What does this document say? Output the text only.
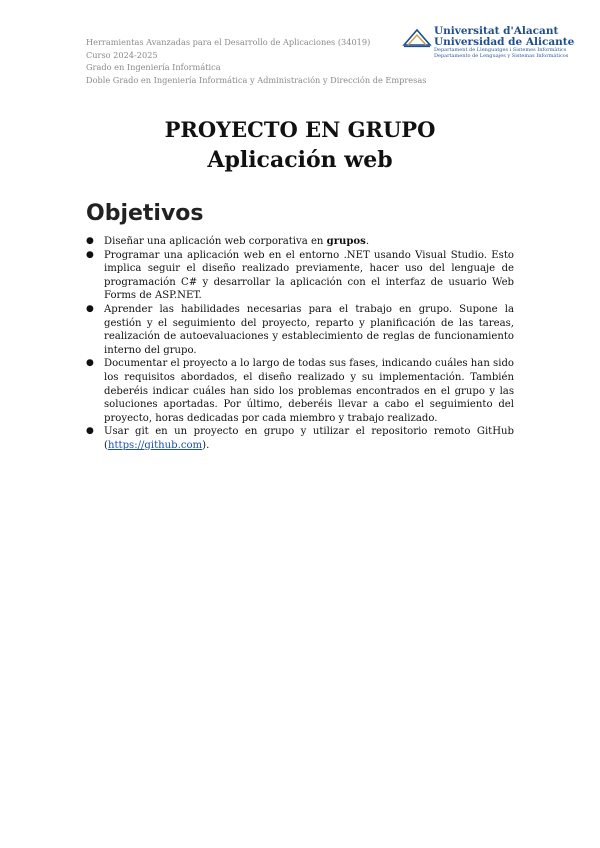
Herramientas Avanzadas para el Desarrollo de Aplicaciones (34019)
Curso 2024-2025
Grado en Ingeniería Informática
Doble Grado en Ingeniería Informática y Administración y Dirección de Empresas
Universitat d'Alacant
Universidad de Alicante
Departament de Llenguatges i Sistemes Informàtics
Departamento de Lenguajes y Sistemas Informáticos
PROYECTO EN GRUPO
Aplicación web
Objetivos
● Diseñar una aplicación web corporativa en grupos.
● Programar una aplicación web en el entorno .NET usando Visual Studio. Esto implica seguir el diseño realizado previamente, hacer uso del lenguaje de programación C# y desarrollar la aplicación con el interfaz de usuario Web Forms de ASP.NET.
● Aprender las habilidades necesarias para el trabajo en grupo. Supone la gestión y el seguimiento del proyecto, reparto y planificación de las tareas, realización de autoevaluaciones y establecimiento de reglas de funcionamiento interno del grupo.
● Documentar el proyecto a lo largo de todas sus fases, indicando cuáles han sido los requisitos abordados, el diseño realizado y su implementación. También deberéis indicar cuáles han sido los problemas encontrados en el grupo y las soluciones aportadas. Por último, deberéis llevar a cabo el seguimiento del proyecto, horas dedicadas por cada miembro y trabajo realizado.
● Usar git en un proyecto en grupo y utilizar el repositorio remoto GitHub (https://github.com).
